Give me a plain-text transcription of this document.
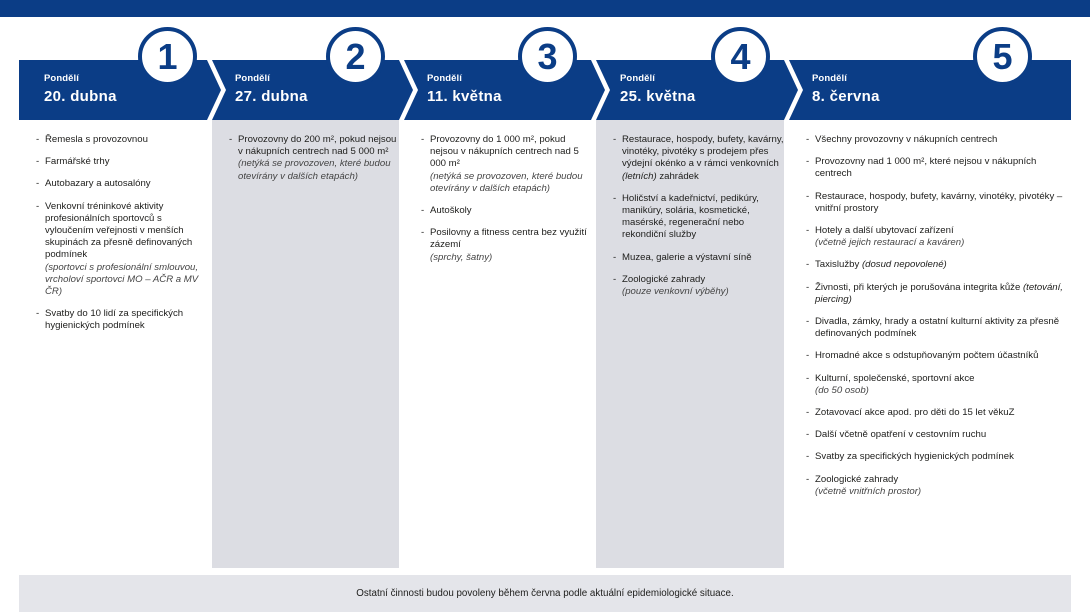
Pondělí
20. dubna
Pondělí
27. dubna
Pondělí
11. května
Pondělí
25. května
Pondělí
8. června
1	2	3	4	5
- Řemesla s provozovnou
- Farmářské trhy
- Autobazary a autosalóny
- Venkovní tréninkové aktivity profesionálních sportovců s vyloučením veřejnosti v menších skupinách za přesně definovaných podmínek
(sportovci s profesionální smlouvou, vrcholoví sportovci MO – AČR a MV ČR)
- Svatby do 10 lidí za specifických hygienických podmínek
- Provozovny do 200 m², pokud nejsou v nákupních centrech nad 5 000 m²
(netýká se provozoven, které budou otevírány v dalších etapách)
- Provozovny do 1 000 m², pokud nejsou v nákupních centrech nad 5 000 m²
(netýká se provozoven, které budou otevírány v dalších etapách)
- Autoškoly
- Posilovny a fitness centra bez využití zázemí
(sprchy, šatny)
- Restaurace, hospody, bufety, kavárny, vinotéky, pivotéky s prodejem přes výdejní okénko a v rámci venkovních (letních) zahrádek
- Holičství a kadeřnictví, pedikúry, manikúry, solária, kosmetické, masérské, regenerační nebo rekondiční služby
- Muzea, galerie a výstavní síně
- Zoologické zahrady
(pouze venkovní výběhy)
- Všechny provozovny v nákupních centrech
- Provozovny nad 1 000 m², které nejsou v nákupních centrech
- Restaurace, hospody, bufety, kavárny, vinotéky, pivotéky – vnitřní prostory
- Hotely a další ubytovací zařízení
(včetně jejich restaurací a kaváren)
- Taxislužby (dosud nepovolené)
- Živnosti, při kterých je porušována integrita kůže (tetování, piercing)
- Divadla, zámky, hrady a ostatní kulturní aktivity za přesně definovaných podmínek
- Hromadné akce s odstupňovaným počtem účastníků
- Kulturní, společenské, sportovní akce
(do 50 osob)
- Zotavovací akce apod. pro děti do 15 let věkuZ
- Další včetně opatření v cestovním ruchu
- Svatby za specifických hygienických podmínek
- Zoologické zahrady
(včetně vnitřních prostor)
Ostatní činnosti budou povoleny během června podle aktuální epidemiologické situace.
